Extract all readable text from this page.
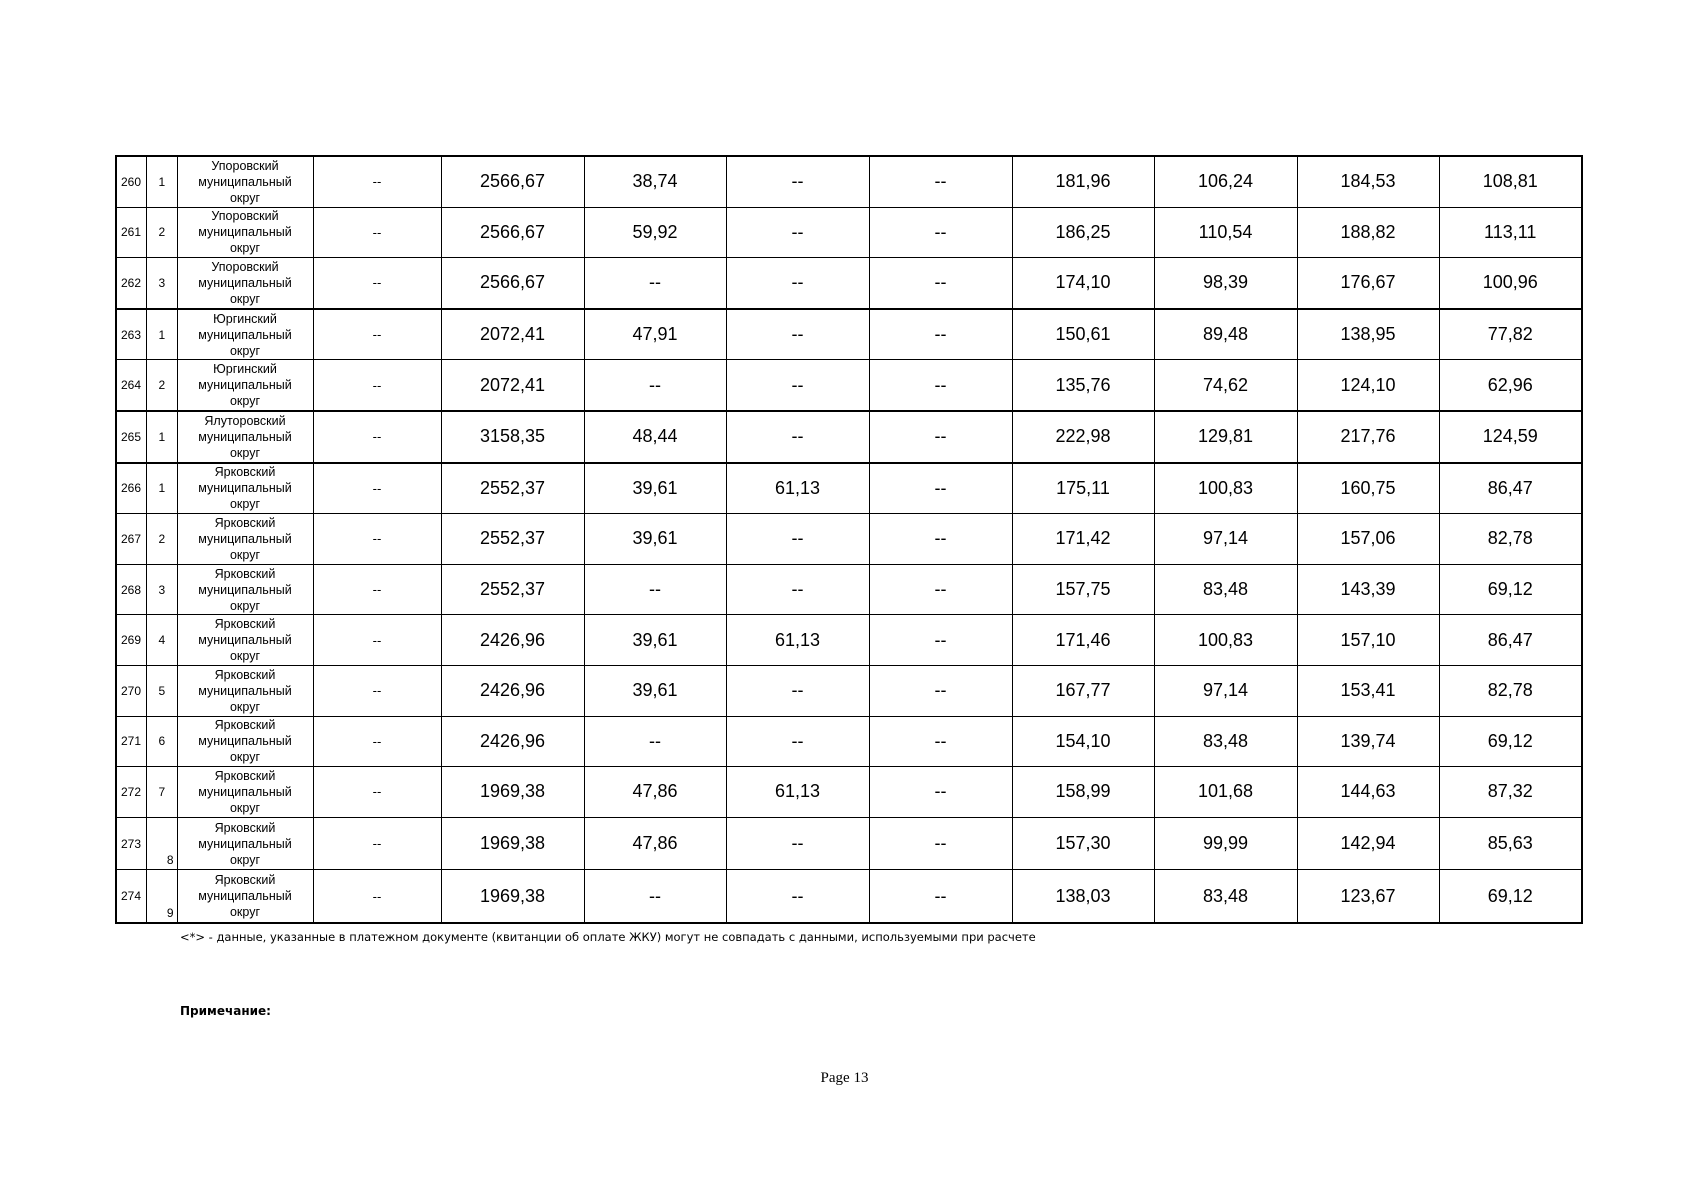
260	1	Упоровский
муниципальный
округ	--	2566,67	38,74	--	--	181,96	106,24	184,53	108,81
261	2	Упоровский
муниципальный
округ	--	2566,67	59,92	--	--	186,25	110,54	188,82	113,11
262	3	Упоровский
муниципальный
округ	--	2566,67	--	--	--	174,10	98,39	176,67	100,96
263	1	Юргинский
муниципальный
округ	--	2072,41	47,91	--	--	150,61	89,48	138,95	77,82
264	2	Юргинский
муниципальный
округ	--	2072,41	--	--	--	135,76	74,62	124,10	62,96
265	1	Ялуторовский
муниципальный
округ	--	3158,35	48,44	--	--	222,98	129,81	217,76	124,59
266	1	Ярковский
муниципальный
округ	--	2552,37	39,61	61,13	--	175,11	100,83	160,75	86,47
267	2	Ярковский
муниципальный
округ	--	2552,37	39,61	--	--	171,42	97,14	157,06	82,78
268	3	Ярковский
муниципальный
округ	--	2552,37	--	--	--	157,75	83,48	143,39	69,12
269	4	Ярковский
муниципальный
округ	--	2426,96	39,61	61,13	--	171,46	100,83	157,10	86,47
270	5	Ярковский
муниципальный
округ	--	2426,96	39,61	--	--	167,77	97,14	153,41	82,78
271	6	Ярковский
муниципальный
округ	--	2426,96	--	--	--	154,10	83,48	139,74	69,12
272	7	Ярковский
муниципальный
округ	--	1969,38	47,86	61,13	--	158,99	101,68	144,63	87,32
273	8	Ярковский
муниципальный
округ	--	1969,38	47,86	--	--	157,30	99,99	142,94	85,63
274	9	Ярковский
муниципальный
округ	--	1969,38	--	--	--	138,03	83,48	123,67	69,12
<*> - данные, указанные в платежном документе (квитанции об оплате ЖКУ) могут не совпадать с данными, используемыми при расчете
Примечание:
Page 13
